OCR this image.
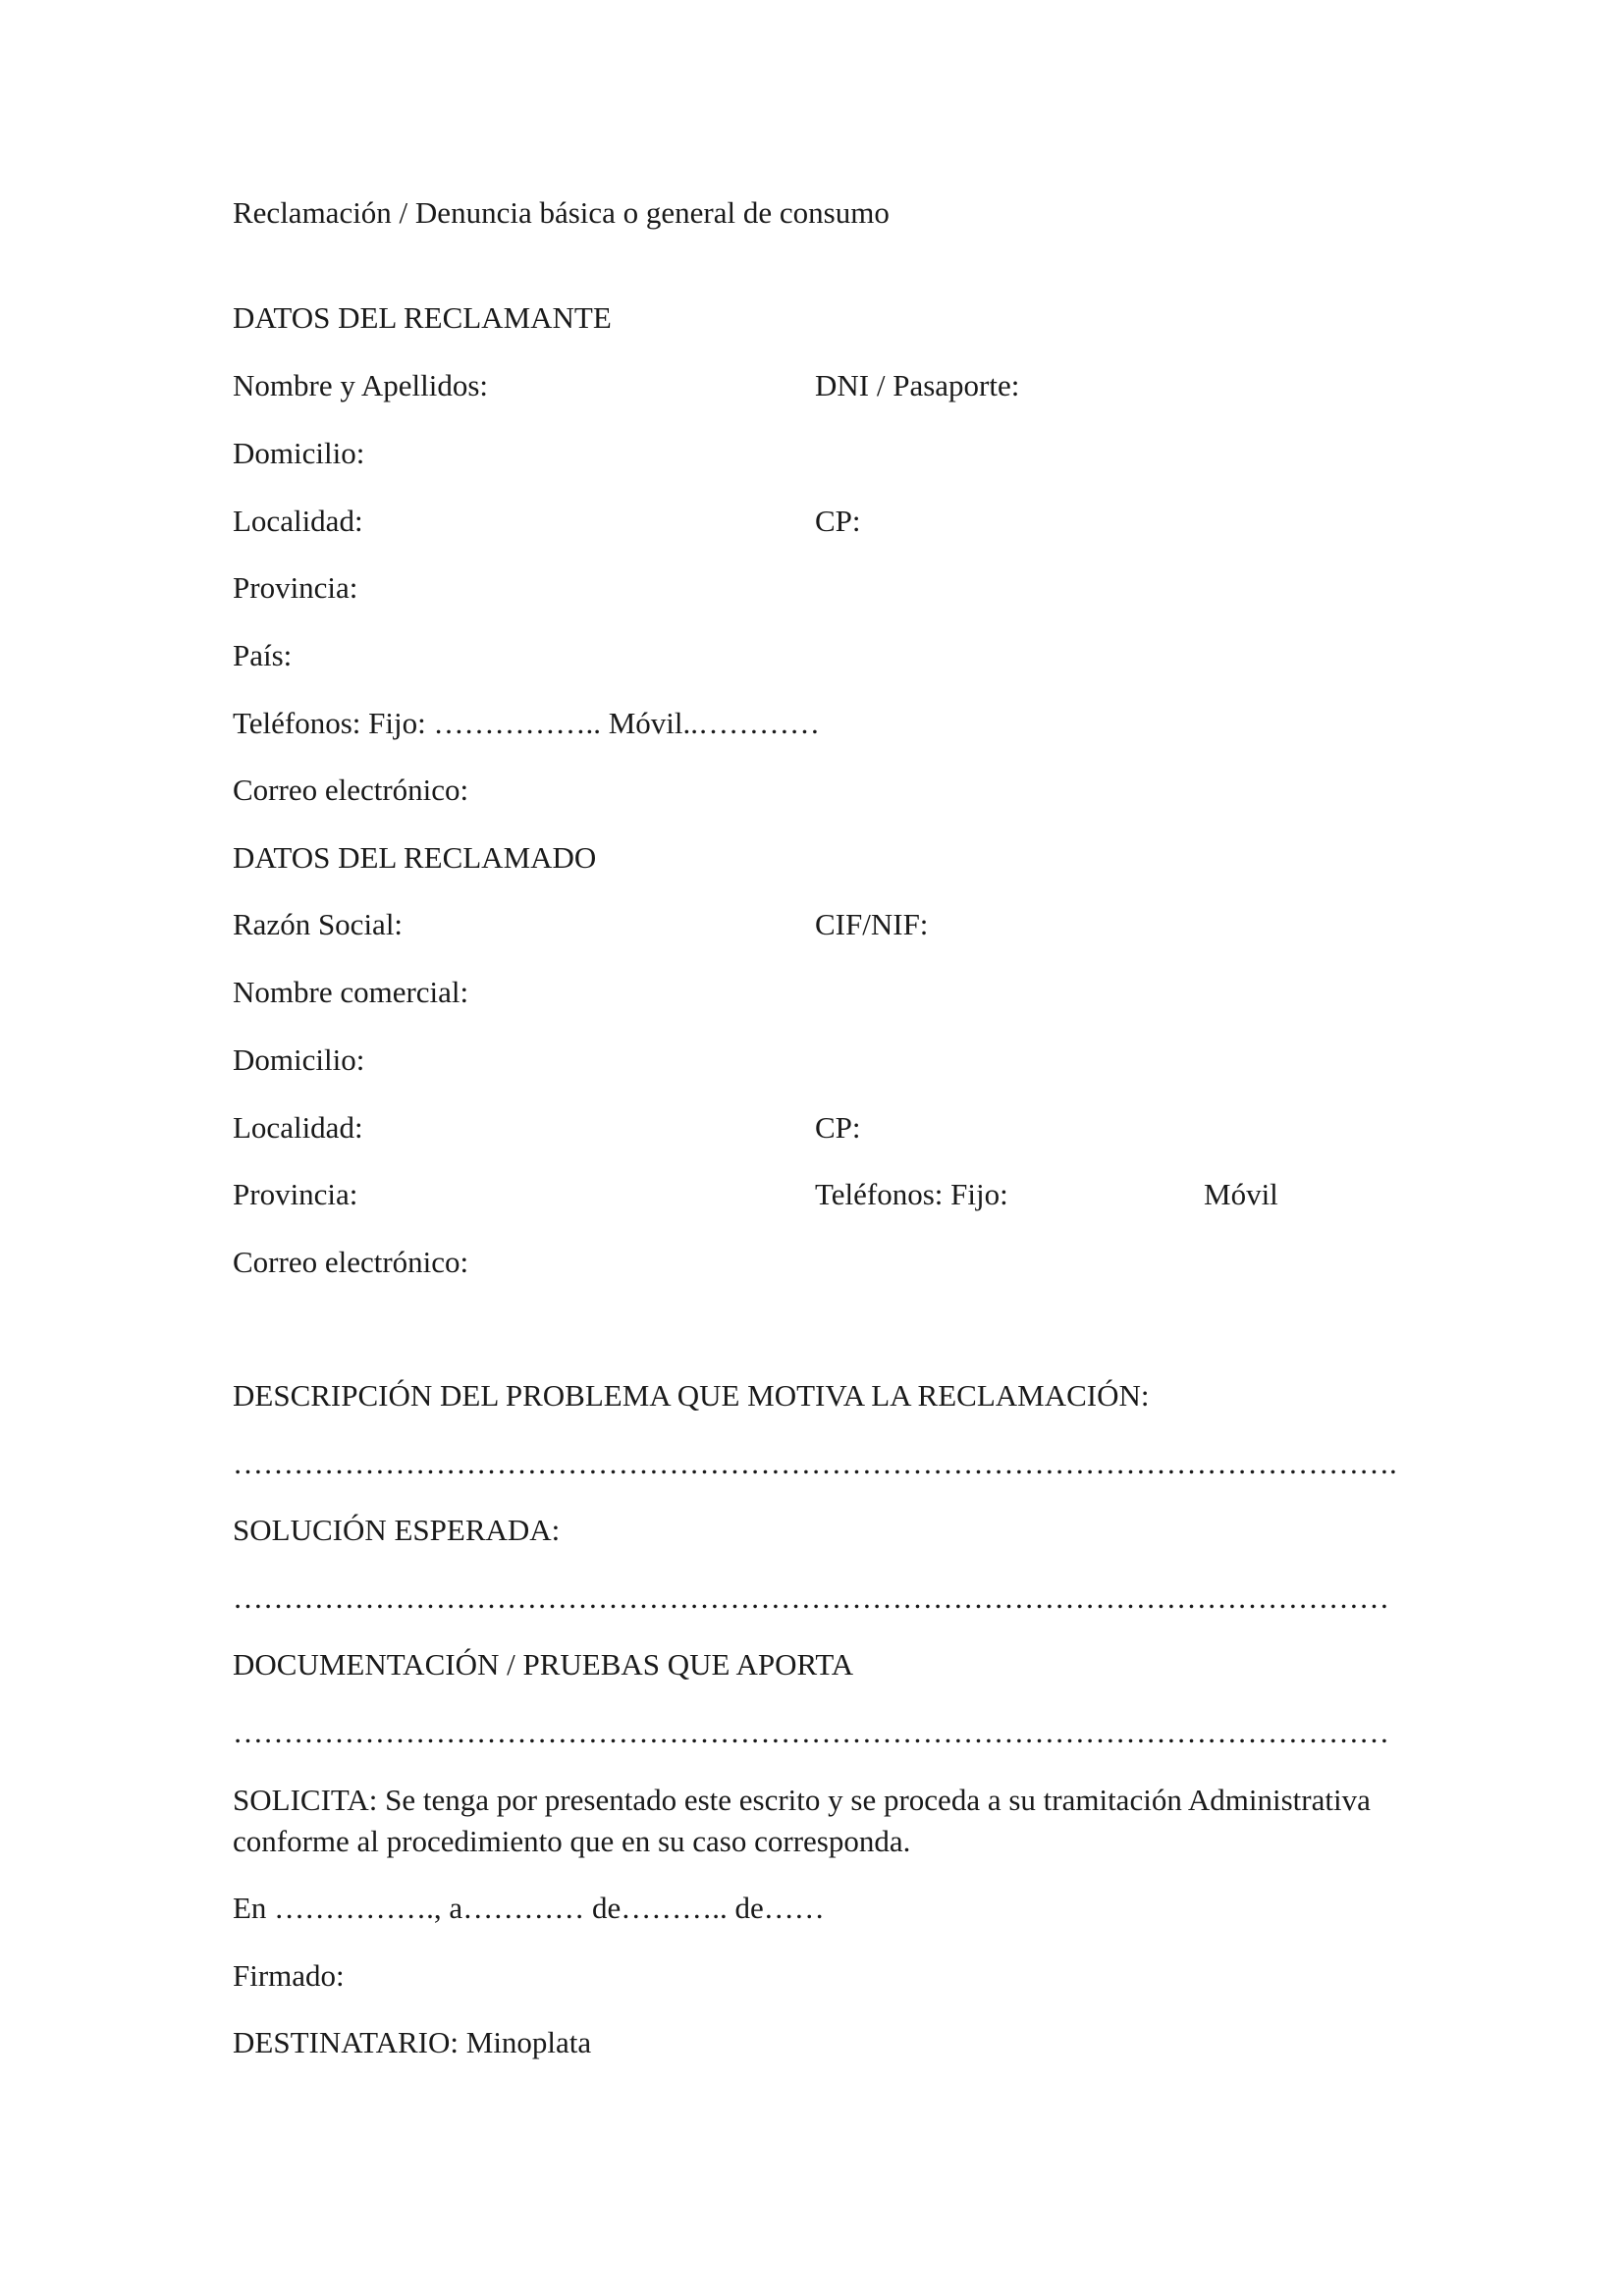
Reclamación / Denuncia básica o general de consumo
DATOS DEL RECLAMANTE
Nombre y Apellidos:	DNI / Pasaporte:
Domicilio:
Localidad:	CP:
Provincia:
País:
Teléfonos: Fijo: …………….. Móvil..…………
Correo electrónico:
DATOS DEL RECLAMADO
Razón Social:	CIF/NIF:
Nombre comercial:
Domicilio:
Localidad:	CP:
Provincia:	Teléfonos: Fijo:	Móvil
Correo electrónico:
DESCRIPCIÓN DEL PROBLEMA QUE MOTIVA LA RECLAMACIÓN:
…………………………………………………………………………………………………….
SOLUCIÓN ESPERADA:
……………………………………………………………………………………………………
DOCUMENTACIÓN / PRUEBAS QUE APORTA
……………………………………………………………………………………………………
SOLICITA: Se tenga por presentado este escrito y se proceda a su tramitación Administrativa
conforme al procedimiento que en su caso corresponda.
En ……………., a………… de……….. de……
Firmado:
DESTINATARIO: Minoplata
